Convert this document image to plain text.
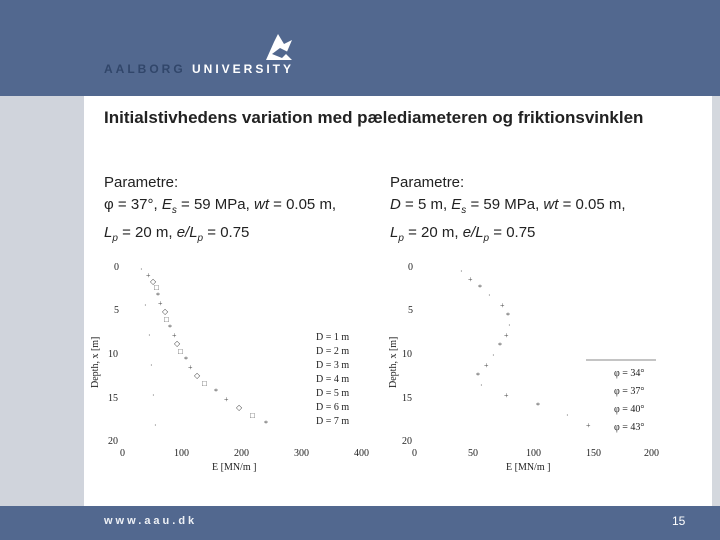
AALBORG UNIVERSITY
Initialstivhedens variation med pælediameteren og friktionsvinklen
Parametre:
φ = 37°, $E_s = 59$ MPa, wt = 0.05 m,
$L_p = 20$ m, $e/L_p = 0.75$
Parametre:
D = 5 m, $E_s = 59$ MPa, wt = 0.05 m,
$L_p = 20$ m, $e/L_p = 0.75$
Depth, x [m]
0
5
10
15
20
0	100	200	300	400
E [MN/m ]
·
+
◇
□
*
+
◇
□
*
+
◇
□
*
+
◇
□
*
+
◇
□
*
·
·
·
·
·
D = 1 m
D = 2 m
D = 3 m
D = 4 m
D = 5 m
D = 6 m
D = 7 m
Depth, x [m]
0
5
10
15
20
0	50	100	150	200
E [MN/m ]
·
+
*
·
+
*
·
+
*
·
+
*
·
+
*
·
+
φ = 34°
φ = 37°
φ = 40°
φ = 43°
www.aau.dk	15
